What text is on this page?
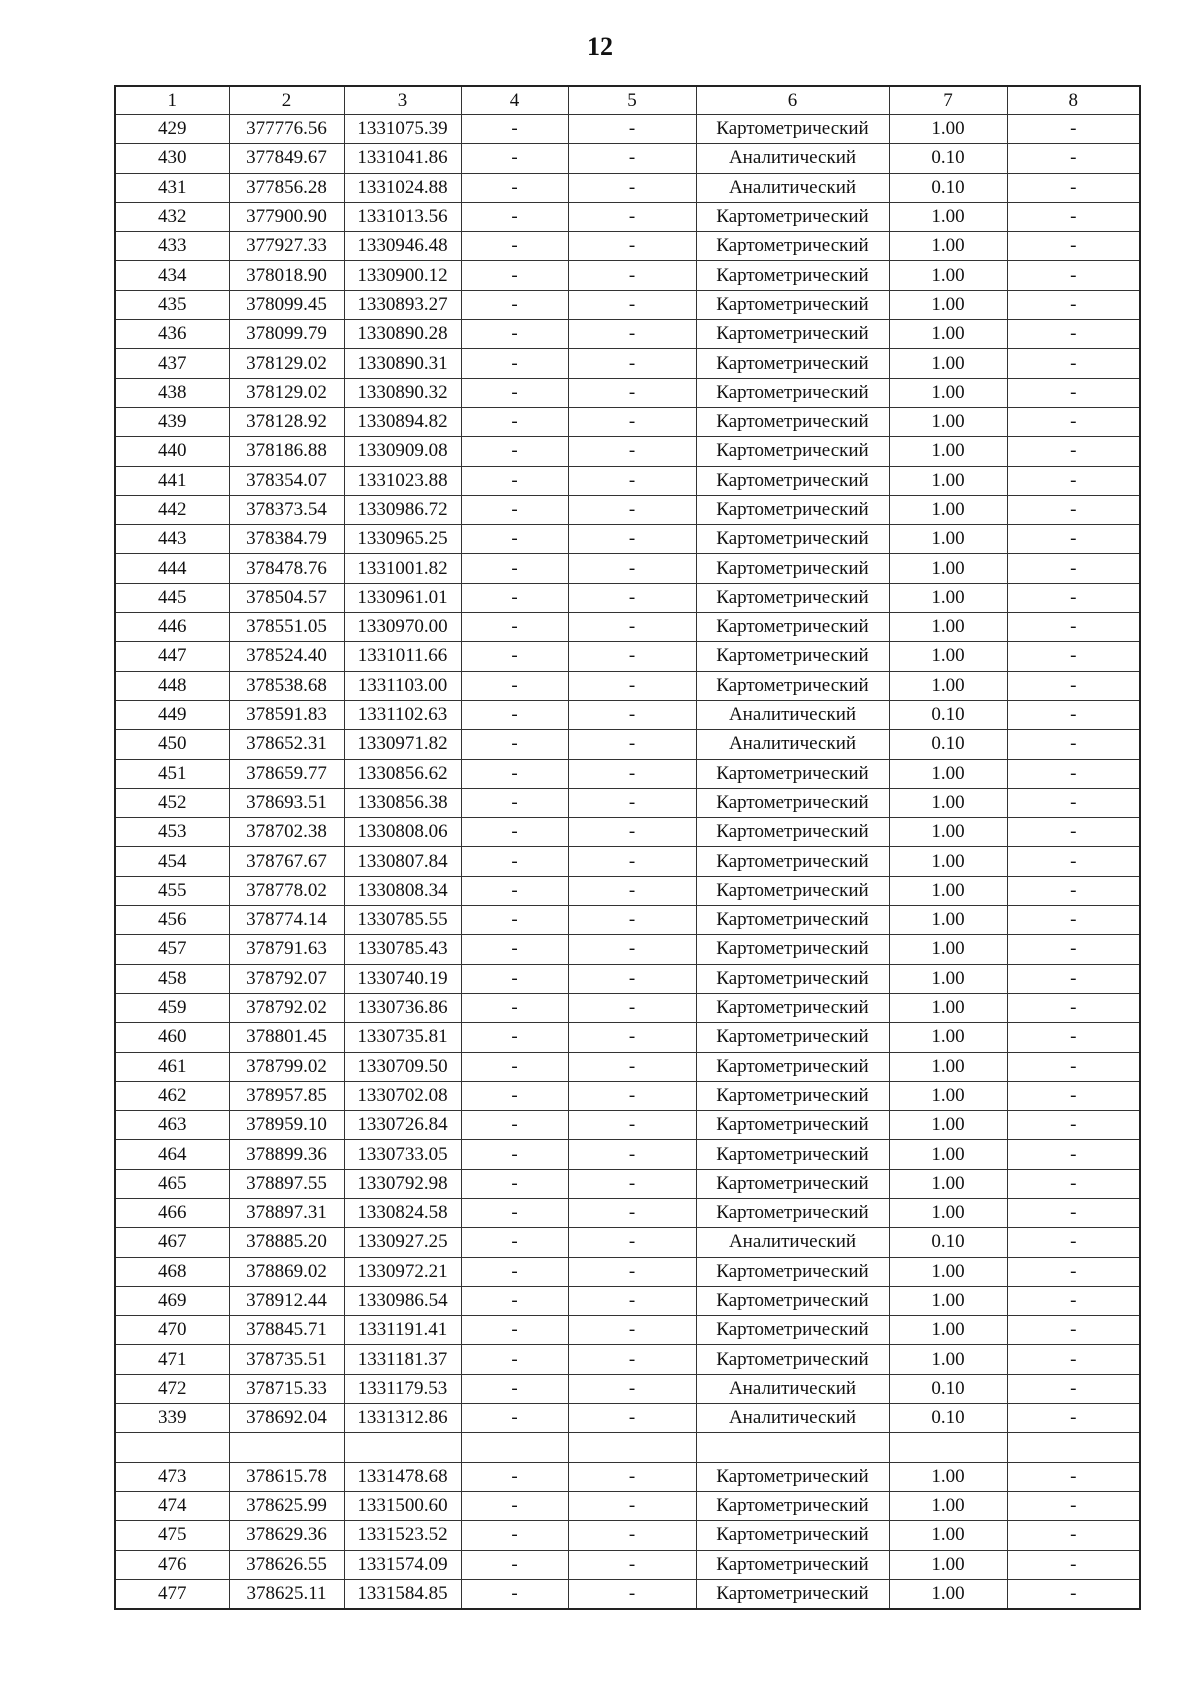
12
1	2	3	4	5	6	7	8
429	377776.56	1331075.39	-	-	Картометрический	1.00	-
430	377849.67	1331041.86	-	-	Аналитический	0.10	-
431	377856.28	1331024.88	-	-	Аналитический	0.10	-
432	377900.90	1331013.56	-	-	Картометрический	1.00	-
433	377927.33	1330946.48	-	-	Картометрический	1.00	-
434	378018.90	1330900.12	-	-	Картометрический	1.00	-
435	378099.45	1330893.27	-	-	Картометрический	1.00	-
436	378099.79	1330890.28	-	-	Картометрический	1.00	-
437	378129.02	1330890.31	-	-	Картометрический	1.00	-
438	378129.02	1330890.32	-	-	Картометрический	1.00	-
439	378128.92	1330894.82	-	-	Картометрический	1.00	-
440	378186.88	1330909.08	-	-	Картометрический	1.00	-
441	378354.07	1331023.88	-	-	Картометрический	1.00	-
442	378373.54	1330986.72	-	-	Картометрический	1.00	-
443	378384.79	1330965.25	-	-	Картометрический	1.00	-
444	378478.76	1331001.82	-	-	Картометрический	1.00	-
445	378504.57	1330961.01	-	-	Картометрический	1.00	-
446	378551.05	1330970.00	-	-	Картометрический	1.00	-
447	378524.40	1331011.66	-	-	Картометрический	1.00	-
448	378538.68	1331103.00	-	-	Картометрический	1.00	-
449	378591.83	1331102.63	-	-	Аналитический	0.10	-
450	378652.31	1330971.82	-	-	Аналитический	0.10	-
451	378659.77	1330856.62	-	-	Картометрический	1.00	-
452	378693.51	1330856.38	-	-	Картометрический	1.00	-
453	378702.38	1330808.06	-	-	Картометрический	1.00	-
454	378767.67	1330807.84	-	-	Картометрический	1.00	-
455	378778.02	1330808.34	-	-	Картометрический	1.00	-
456	378774.14	1330785.55	-	-	Картометрический	1.00	-
457	378791.63	1330785.43	-	-	Картометрический	1.00	-
458	378792.07	1330740.19	-	-	Картометрический	1.00	-
459	378792.02	1330736.86	-	-	Картометрический	1.00	-
460	378801.45	1330735.81	-	-	Картометрический	1.00	-
461	378799.02	1330709.50	-	-	Картометрический	1.00	-
462	378957.85	1330702.08	-	-	Картометрический	1.00	-
463	378959.10	1330726.84	-	-	Картометрический	1.00	-
464	378899.36	1330733.05	-	-	Картометрический	1.00	-
465	378897.55	1330792.98	-	-	Картометрический	1.00	-
466	378897.31	1330824.58	-	-	Картометрический	1.00	-
467	378885.20	1330927.25	-	-	Аналитический	0.10	-
468	378869.02	1330972.21	-	-	Картометрический	1.00	-
469	378912.44	1330986.54	-	-	Картометрический	1.00	-
470	378845.71	1331191.41	-	-	Картометрический	1.00	-
471	378735.51	1331181.37	-	-	Картометрический	1.00	-
472	378715.33	1331179.53	-	-	Аналитический	0.10	-
339	378692.04	1331312.86	-	-	Аналитический	0.10	-

473	378615.78	1331478.68	-	-	Картометрический	1.00	-
474	378625.99	1331500.60	-	-	Картометрический	1.00	-
475	378629.36	1331523.52	-	-	Картометрический	1.00	-
476	378626.55	1331574.09	-	-	Картометрический	1.00	-
477	378625.11	1331584.85	-	-	Картометрический	1.00	-
